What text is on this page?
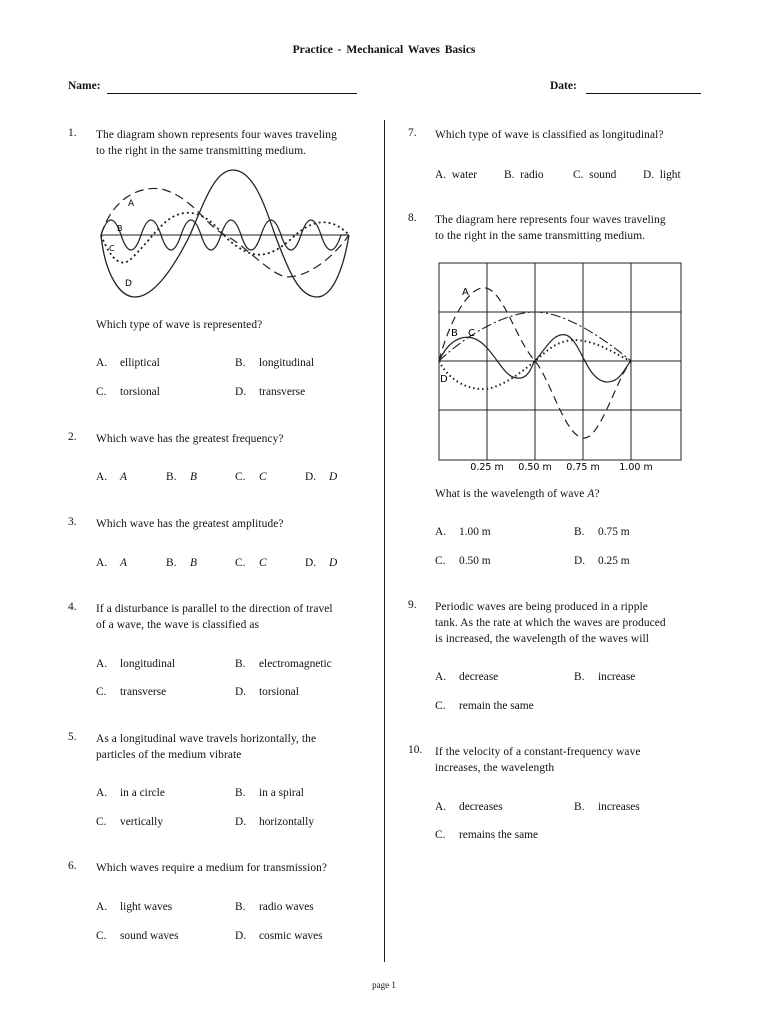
Practice - Mechanical Waves Basics
Name:	Date:
1.	The diagram shown represents four waves traveling
to the right in the same transmitting medium.
A
B
C
D
Which type of wave is represented?
A. elliptical	B. longitudinal
C. torsional	D. transverse
2.	Which wave has the greatest frequency?
A. A	B. B	C. C	D. D
3.	Which wave has the greatest amplitude?
A. A	B. B	C. C	D. D
4.	If a disturbance is parallel to the direction of travel
of a wave, the wave is classified as
A. longitudinal	B. electromagnetic
C. transverse	D. torsional
5.	As a longitudinal wave travels horizontally, the
particles of the medium vibrate
A. in a circle	B. in a spiral
C. vertically	D. horizontally
6.	Which waves require a medium for transmission?
A. light waves	B. radio waves
C. sound waves	D. cosmic waves
7.	Which type of wave is classified as longitudinal?
A. water B. radio	C. sound D. light
8.	The diagram here represents four waves traveling
to the right in the same transmitting medium.
A
B C
D
0.25 m 0.50 m 0.75 m 1.00 m
What is the wavelength of wave A?
A. 1.00 m	B. 0.75 m
C. 0.50 m	D. 0.25 m
9.	Periodic waves are being produced in a ripple
tank. As the rate at which the waves are produced
is increased, the wavelength of the waves will
A. decrease	B. increase
C. remain the same
10.	If the velocity of a constant-frequency wave
increases, the wavelength
A. decreases	B. increases
C. remains the same
page 1
